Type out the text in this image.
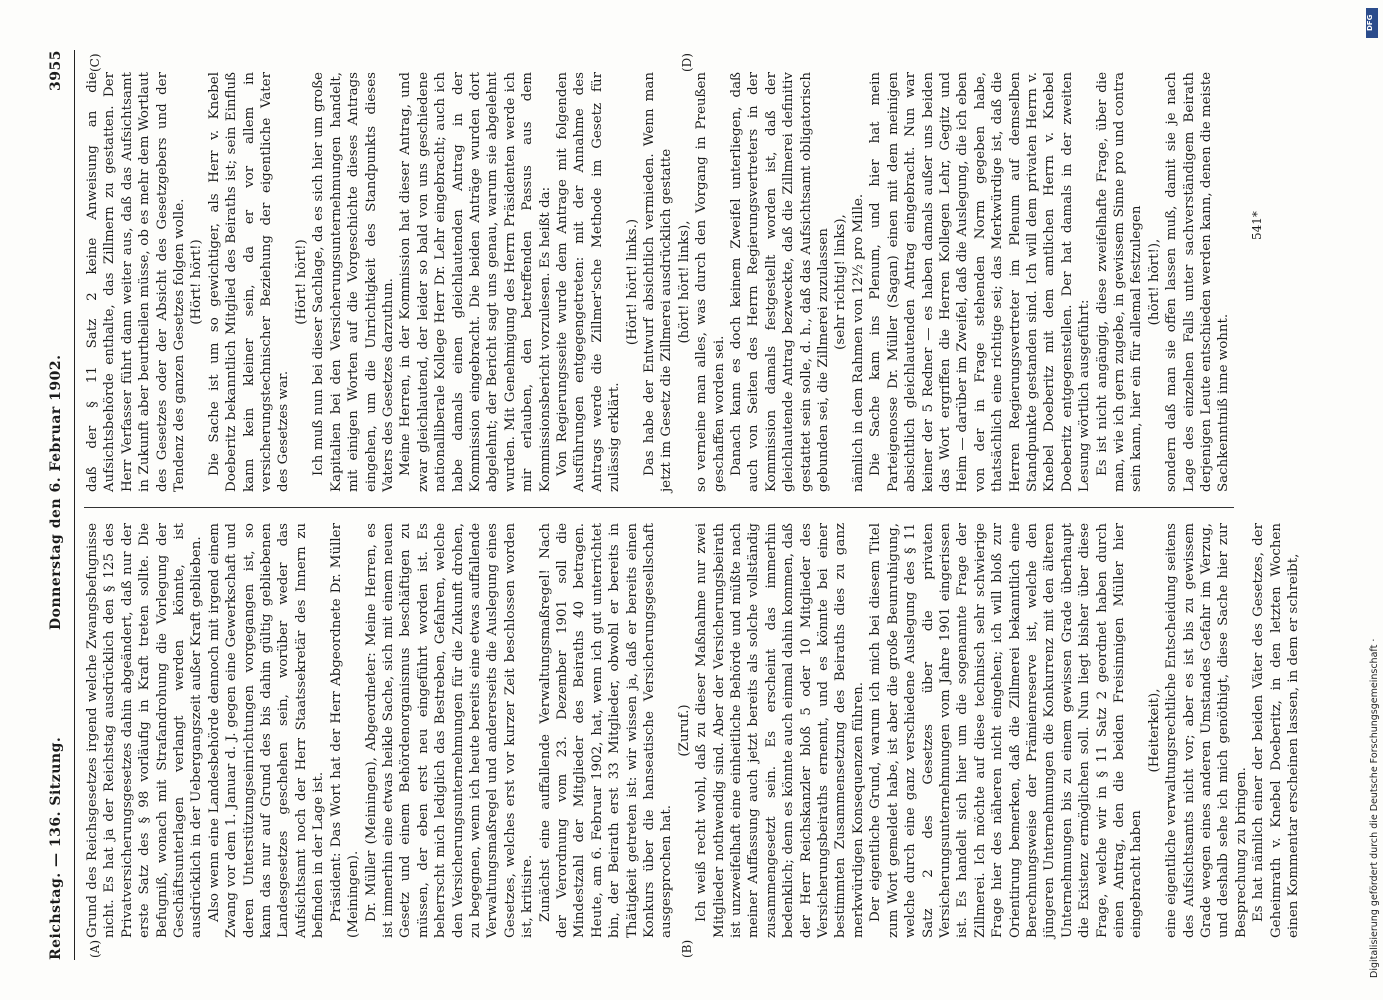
Reichstag. — 136. Sitzung.
Donnerstag den 6. Februar 1902.
3955
(A)	(B)
(C)	(D)

Grund des Reichsgesetzes irgend welche Zwangsbefugnisse nicht. Es hat ja der Reichstag ausdrücklich den § 125 des Privatversicherungsgesetzes dahin abgeändert, daß nur der erste Satz des § 98 vorläufig in Kraft treten sollte. Die Befugniß, wonach mit Strafandrohung die Vorlegung der Geschäftsunterlagen verlangt werden könnte, ist ausdrücklich in der Uebergangszeit außer Kraft geblieben. Also wenn eine Landesbehörde dennoch mit irgend einem Zwang vor dem 1. Januar d. J. gegen eine Gewerkschaft und deren Unterstützungseinrichtungen vorgegangen ist, so kann das nur auf Grund des bis dahin gültig gebliebenen Landesgesetzes geschehen sein, worüber weder das Aufsichtsamt noch der Herr Staatssekretär des Innern zu befinden in der Lage ist. Präsident: Das Wort hat der Herr Abgeordnete Dr. Müller (Meiningen). Dr. Müller (Meiningen), Abgeordneter: Meine Herren, es ist immerhin eine etwas heikle Sache, sich mit einem neuen Gesetz und einem Behördenorganismus beschäftigen zu müssen, der eben erst neu eingeführt worden ist. Es beherrscht mich lediglich das Bestreben, Gefahren, welche den Versicherungsunternehmungen für die Zukunft drohen, zu begegnen, wenn ich heute bereits eine etwas auffallende Verwaltungsmaßregel und andererseits die Auslegung eines Gesetzes, welches erst vor kurzer Zeit beschlossen worden ist, kritisire. Zunächst eine auffallende Verwaltungsmaßregel! Nach der Verordnung vom 23. Dezember 1901 soll die Mindestzahl der Mitglieder des Beiraths 40 betragen. Heute, am 6. Februar 1902, hat, wenn ich gut unterrichtet bin, der Beirath erst 33 Mitglieder, obwohl er bereits in Thätigkeit getreten ist: wir wissen ja, daß er bereits einen Konkurs über die hanseatische Versicherungsgesellschaft ausgesprochen hat.

(Zuruf.) Ich weiß recht wohl, daß zu dieser Maßnahme nur zwei Mitglieder nothwendig sind. Aber der Versicherungsbeirath ist unzweifelhaft eine einheitliche Behörde und müßte nach meiner Auffassung auch jetzt bereits als solche vollständig zusammengesetzt sein. Es erscheint das immerhin bedenklich; denn es könnte auch einmal dahin kommen, daß der Herr Reichskanzler bloß 5 oder 10 Mitglieder des Versicherungsbeiraths ernennt, und es könnte bei einer bestimmten Zusammensetzung des Beiraths dies zu ganz merkwürdigen Konsequenzen führen. Der eigentliche Grund, warum ich mich bei diesem Titel zum Wort gemeldet habe, ist aber die große Beunruhigung, welche durch eine ganz verschiedene Auslegung des § 11 Satz 2 des Gesetzes über die privaten Versicherungsunternehmungen vom Jahre 1901 eingerissen ist. Es handelt sich hier um die sogenannte Frage der Zillmerei. Ich möchte auf diese technisch sehr schwierige Frage hier des näheren nicht eingehen; ich will bloß zur Orientirung bemerken, daß die Zillmerei bekanntlich eine Berechnungsweise der Prämienreserve ist, welche den jüngeren Unternehmungen die Konkurrenz mit den älteren Unternehmungen bis zu einem gewissen Grade überhaupt die Existenz ermöglichen soll. Nun liegt bisher über diese Frage, welche wir in § 11 Satz 2 geordnet haben durch einen Antrag, den die beiden Freisinnigen Müller hier eingebracht haben

(Heiterkeit), eine eigentliche verwaltungsrechtliche Entscheidung seitens des Aufsichtsamts nicht vor; aber es ist bis zu gewissem Grade wegen eines anderen Umstandes Gefahr im Verzug, und deshalb sehe ich mich genöthigt, diese Sache hier zur Besprechung zu bringen. Es hat nämlich einer der beiden Väter des Gesetzes, der Geheimrath v. Knebel Doeberitz, in den letzten Wochen einen Kommentar erscheinen lassen, in dem er schreibt,

daß der § 11 Satz 2 keine Anweisung an die Aufsichtsbehörde enthalte, das Zillmern zu gestatten. Der Herr Verfasser führt dann weiter aus, daß das Aufsichtsamt in Zukunft aber beurtheilen müsse, ob es mehr dem Wortlaut des Gesetzes oder der Absicht des Gesetzgebers und der Tendenz des ganzen Gesetzes folgen wolle. (Hört! hört!) Die Sache ist um so gewichtiger, als Herr v. Knebel Doeberitz bekanntlich Mitglied des Beiraths ist; sein Einfluß kann kein kleiner sein, da er vor allem in versicherungstechnischer Beziehung der eigentliche Vater des Gesetzes war.

(Hört! hört!) Ich muß nun bei dieser Sachlage, da es sich hier um große Kapitalien bei den Versicherungsunternehmungen handelt, mit einigen Worten auf die Vorgeschichte dieses Antrags eingehen, um die Unrichtigkeit des Standpunkts dieses Vaters des Gesetzes darzuthun. Meine Herren, in der Kommission hat dieser Antrag, und zwar gleichlautend, der leider so bald von uns geschiedene nationalliberale Kollege Herr Dr. Lehr eingebracht; auch ich habe damals einen gleichlautenden Antrag in der Kommission eingebracht. Die beiden Anträge wurden dort abgelehnt; der Bericht sagt uns genau, warum sie abgelehnt wurden. Mit Genehmigung des Herrn Präsidenten werde ich mir erlauben, den betreffenden Passus aus dem Kommissionsbericht vorzulesen. Es heißt da: Von Regierungsseite wurde dem Antrage mit folgenden Ausführungen entgegengetreten: mit der Annahme des Antrags werde die Zillmer'sche Methode im Gesetz für zulässig erklärt.

(Hört! hört! links.) Das habe der Entwurf absichtlich vermieden. Wenn man jetzt im Gesetz die Zillmerei ausdrücklich gestatte (hört! hört! links), so verneine man alles, was durch den Vorgang in Preußen geschaffen worden sei. Danach kann es doch keinem Zweifel unterliegen, daß auch von Seiten des Herrn Regierungsvertreters in der Kommission damals festgestellt worden ist, daß der gleichlautende Antrag bezweckte, daß die Zillmerei definitiv gestattet sein solle, d. h., daß das Aufsichtsamt obligatorisch gebunden sei, die Zillmerei zuzulassen (sehr richtig! links), nämlich in dem Rahmen von 12½ pro Mille. Die Sache kam ins Plenum, und hier hat mein Parteigenosse Dr. Müller (Sagan) einen mit dem meinigen absichtlich gleichlautenden Antrag eingebracht. Nun war keiner der 5 Redner — es haben damals außer uns beiden das Wort ergriffen die Herren Kollegen Lehr, Gegitz und Heim — darüber im Zweifel, daß die Auslegung, die ich eben von der in Frage stehenden Norm gegeben habe, thatsächlich eine richtige sei; das Merkwürdige ist, daß die Herren Regierungsvertreter im Plenum auf demselben Standpunkte gestanden sind. Ich will dem privaten Herrn v. Knebel Doeberitz mit dem amtlichen Herrn v. Knebel Doeberitz entgegenstellen. Der hat damals in der zweiten Lesung wörtlich ausgeführt: Es ist nicht angängig, diese zweifelhafte Frage, über die man, wie ich gern zugebe, in gewissem Sinne pro und contra sein kann, hier ein für allemal festzulegen (hört! hört!), sondern daß man sie offen lassen muß, damit sie je nach Lage des einzelnen Falls unter sachverständigem Beirath derjenigen Leute entschieden werden kann, denen die meiste Sachkenntniß inne wohnt.

541*
Digitalisierung gefördert durch die Deutsche Forschungsgemeinschaft ·
DFG
